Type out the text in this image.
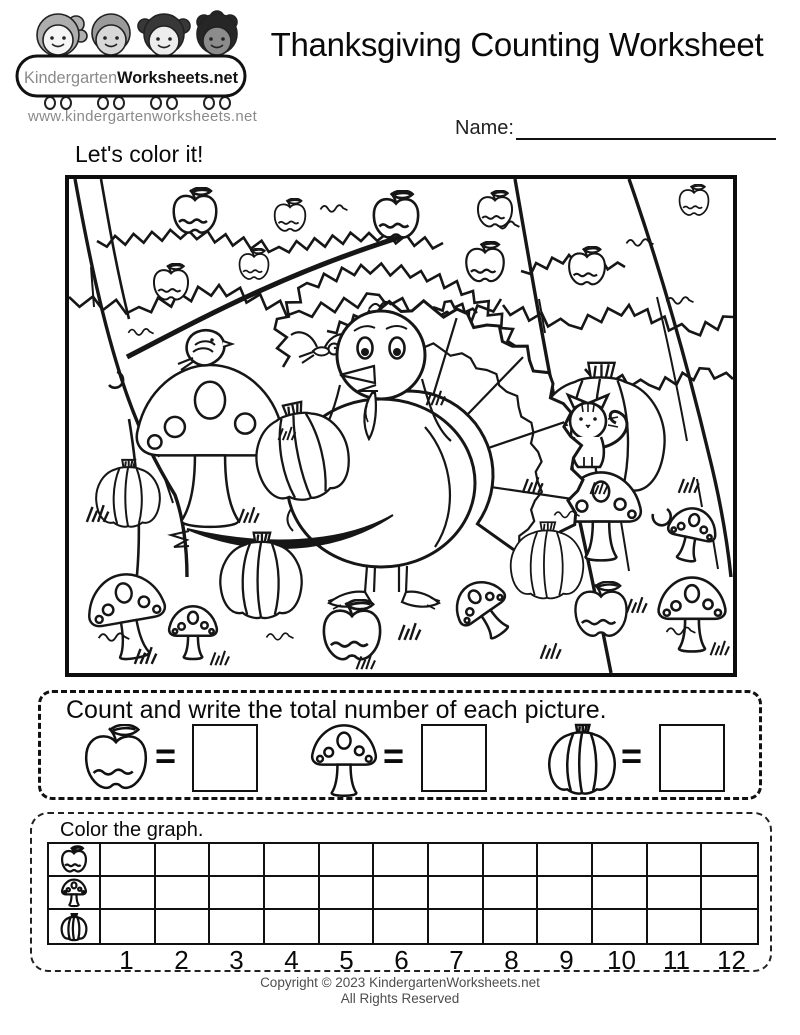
KindergartenWorksheets.net
www.kindergartenworksheets.net
Thanksgiving Counting Worksheet
Name:
Let's color it!
Count and write the total number of each picture.
=	=	=
Color the graph.
1	2	3	4	5	6	7	8	9	10	11	12
Copyright © 2023 KindergartenWorksheets.net
All Rights Reserved
